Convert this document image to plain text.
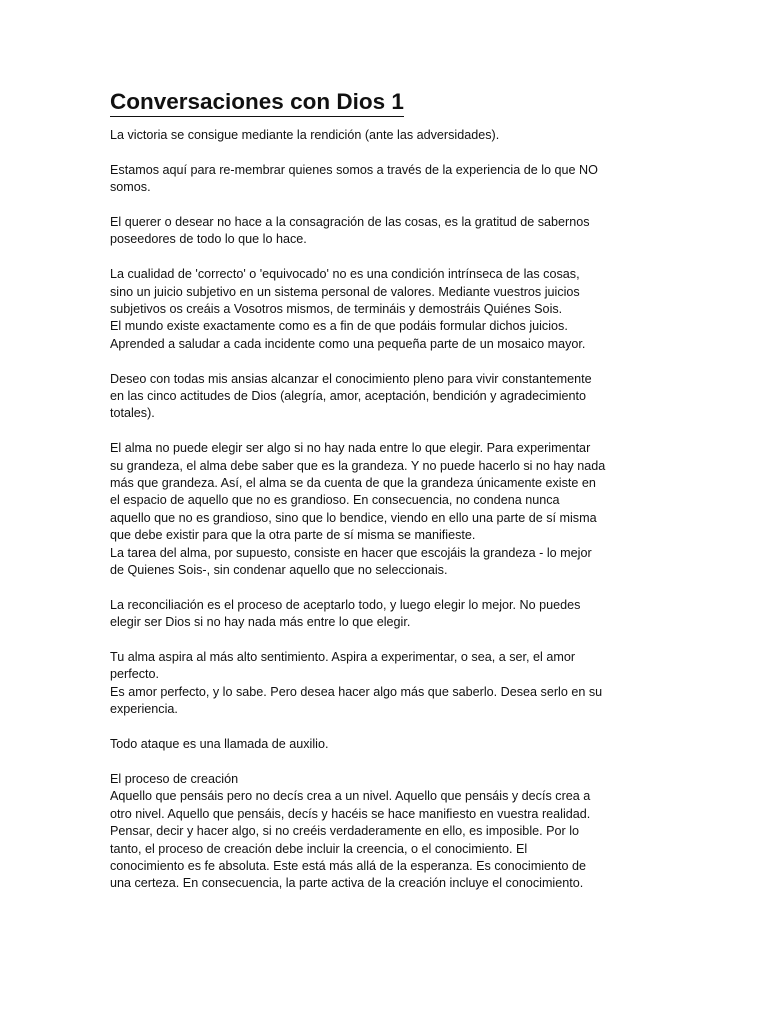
Conversaciones con Dios 1

La victoria se consigue mediante la rendición (ante las adversidades).

Estamos aquí para re-membrar quienes somos a través de la experiencia de lo que NO
somos.

El querer o desear no hace a la consagración de las cosas, es la gratitud de sabernos
poseedores de todo lo que lo hace.

La cualidad de 'correcto' o 'equivocado' no es una condición intrínseca de las cosas,
sino un juicio subjetivo en un sistema personal de valores. Mediante vuestros juicios
subjetivos os creáis a Vosotros mismos, de termináis y demostráis Quiénes Sois.
El mundo existe exactamente como es a fin de que podáis formular dichos juicios.
Aprended a saludar a cada incidente como una pequeña parte de un mosaico mayor.

Deseo con todas mis ansias alcanzar el conocimiento pleno para vivir constantemente
en las cinco actitudes de Dios (alegría, amor, aceptación, bendición y agradecimiento
totales).

El alma no puede elegir ser algo si no hay nada entre lo que elegir. Para experimentar
su grandeza, el alma debe saber que es la grandeza. Y no puede hacerlo si no hay nada
más que grandeza. Así, el alma se da cuenta de que la grandeza únicamente existe en
el espacio de aquello que no es grandioso. En consecuencia, no condena nunca
aquello que no es grandioso, sino que lo bendice, viendo en ello una parte de sí misma
que debe existir para que la otra parte de sí misma se manifieste.
La tarea del alma, por supuesto, consiste en hacer que escojáis la grandeza - lo mejor
de Quienes Sois-, sin condenar aquello que no seleccionais.

La reconciliación es el proceso de aceptarlo todo, y luego elegir lo mejor. No puedes
elegir ser Dios si no hay nada más entre lo que elegir.

Tu alma aspira al más alto sentimiento. Aspira a experimentar, o sea, a ser, el amor
perfecto.
Es amor perfecto, y lo sabe. Pero desea hacer algo más que saberlo. Desea serlo en su
experiencia.

Todo ataque es una llamada de auxilio.

El proceso de creación
Aquello que pensáis pero no decís crea a un nivel. Aquello que pensáis y decís crea a
otro nivel. Aquello que pensáis, decís y hacéis se hace manifiesto en vuestra realidad.
Pensar, decir y hacer algo, si no creéis verdaderamente en ello, es imposible. Por lo
tanto, el proceso de creación debe incluir la creencia, o el conocimiento. El
conocimiento es fe absoluta. Este está más allá de la esperanza. Es conocimiento de
una certeza. En consecuencia, la parte activa de la creación incluye el conocimiento.
